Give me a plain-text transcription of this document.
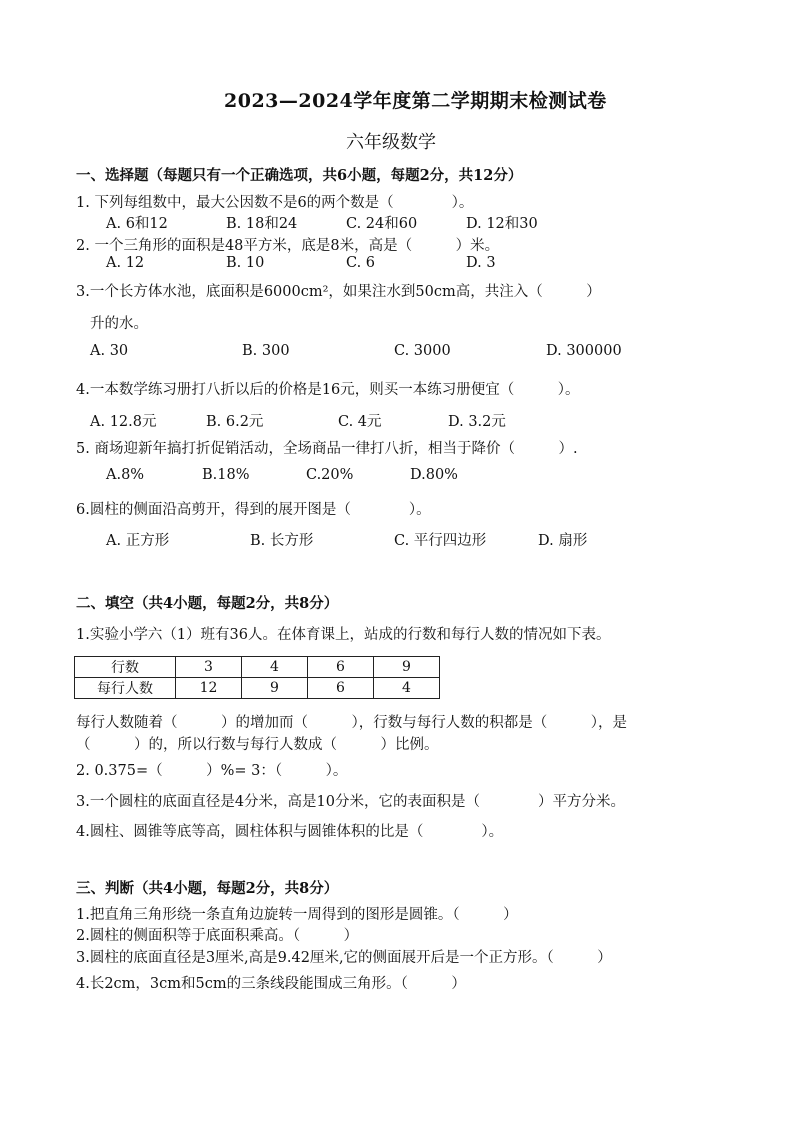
2023—2024学年度第二学期期末检测试卷
六年级数学
一、选择题（每题只有一个正确选项，共6小题，每题2分，共12分）
1. 下列每组数中，最大公因数不是6的两个数是（　　　　）。
A. 6和12	B. 18和24	C. 24和60	D. 12和30
2. 一个三角形的面积是48平方米，底是8米，高是（　　　）米。
A. 12	B. 10	C. 6	D. 3
3.一个长方体水池，底面积是6000cm²，如果注水到50cm高，共注入（　　　）
升的水。
A. 30	B. 300	C. 3000	D. 300000
4.一本数学练习册打八折以后的价格是16元，则买一本练习册便宜（　　　）。
A. 12.8元	B. 6.2元	C. 4元	D. 3.2元
5. 商场迎新年搞打折促销活动，全场商品一律打八折，相当于降价（　　　）.
A.8%	B.18%	C.20%	D.80%
6.圆柱的侧面沿高剪开，得到的展开图是（　　　　）。
A. 正方形	B. 长方形	C. 平行四边形	D. 扇形
二、填空（共4小题，每题2分，共8分）
1.实验小学六（1）班有36人。在体育课上，站成的行数和每行人数的情况如下表。
行数	3	4	6	9
每行人数	12	9	6	4
每行人数随着（　　　）的增加而（　　　），行数与每行人数的积都是（　　　），是
（　　　）的，所以行数与每行人数成（　　　）比例。
2. 0.375=（　　　）%= 3：（　　　）。
3.一个圆柱的底面直径是4分米，高是10分米，它的表面积是（　　　　）平方分米。
4.圆柱、圆锥等底等高，圆柱体积与圆锥体积的比是（　　　　）。
三、判断（共4小题，每题2分，共8分）
1.把直角三角形绕一条直角边旋转一周得到的图形是圆锥。（　　　）
2.圆柱的侧面积等于底面积乘高。（　　　）
3.圆柱的底面直径是3厘米,高是9.42厘米,它的侧面展开后是一个正方形。（　　　）
4.长2cm，3cm和5cm的三条线段能围成三角形。（　　　）
